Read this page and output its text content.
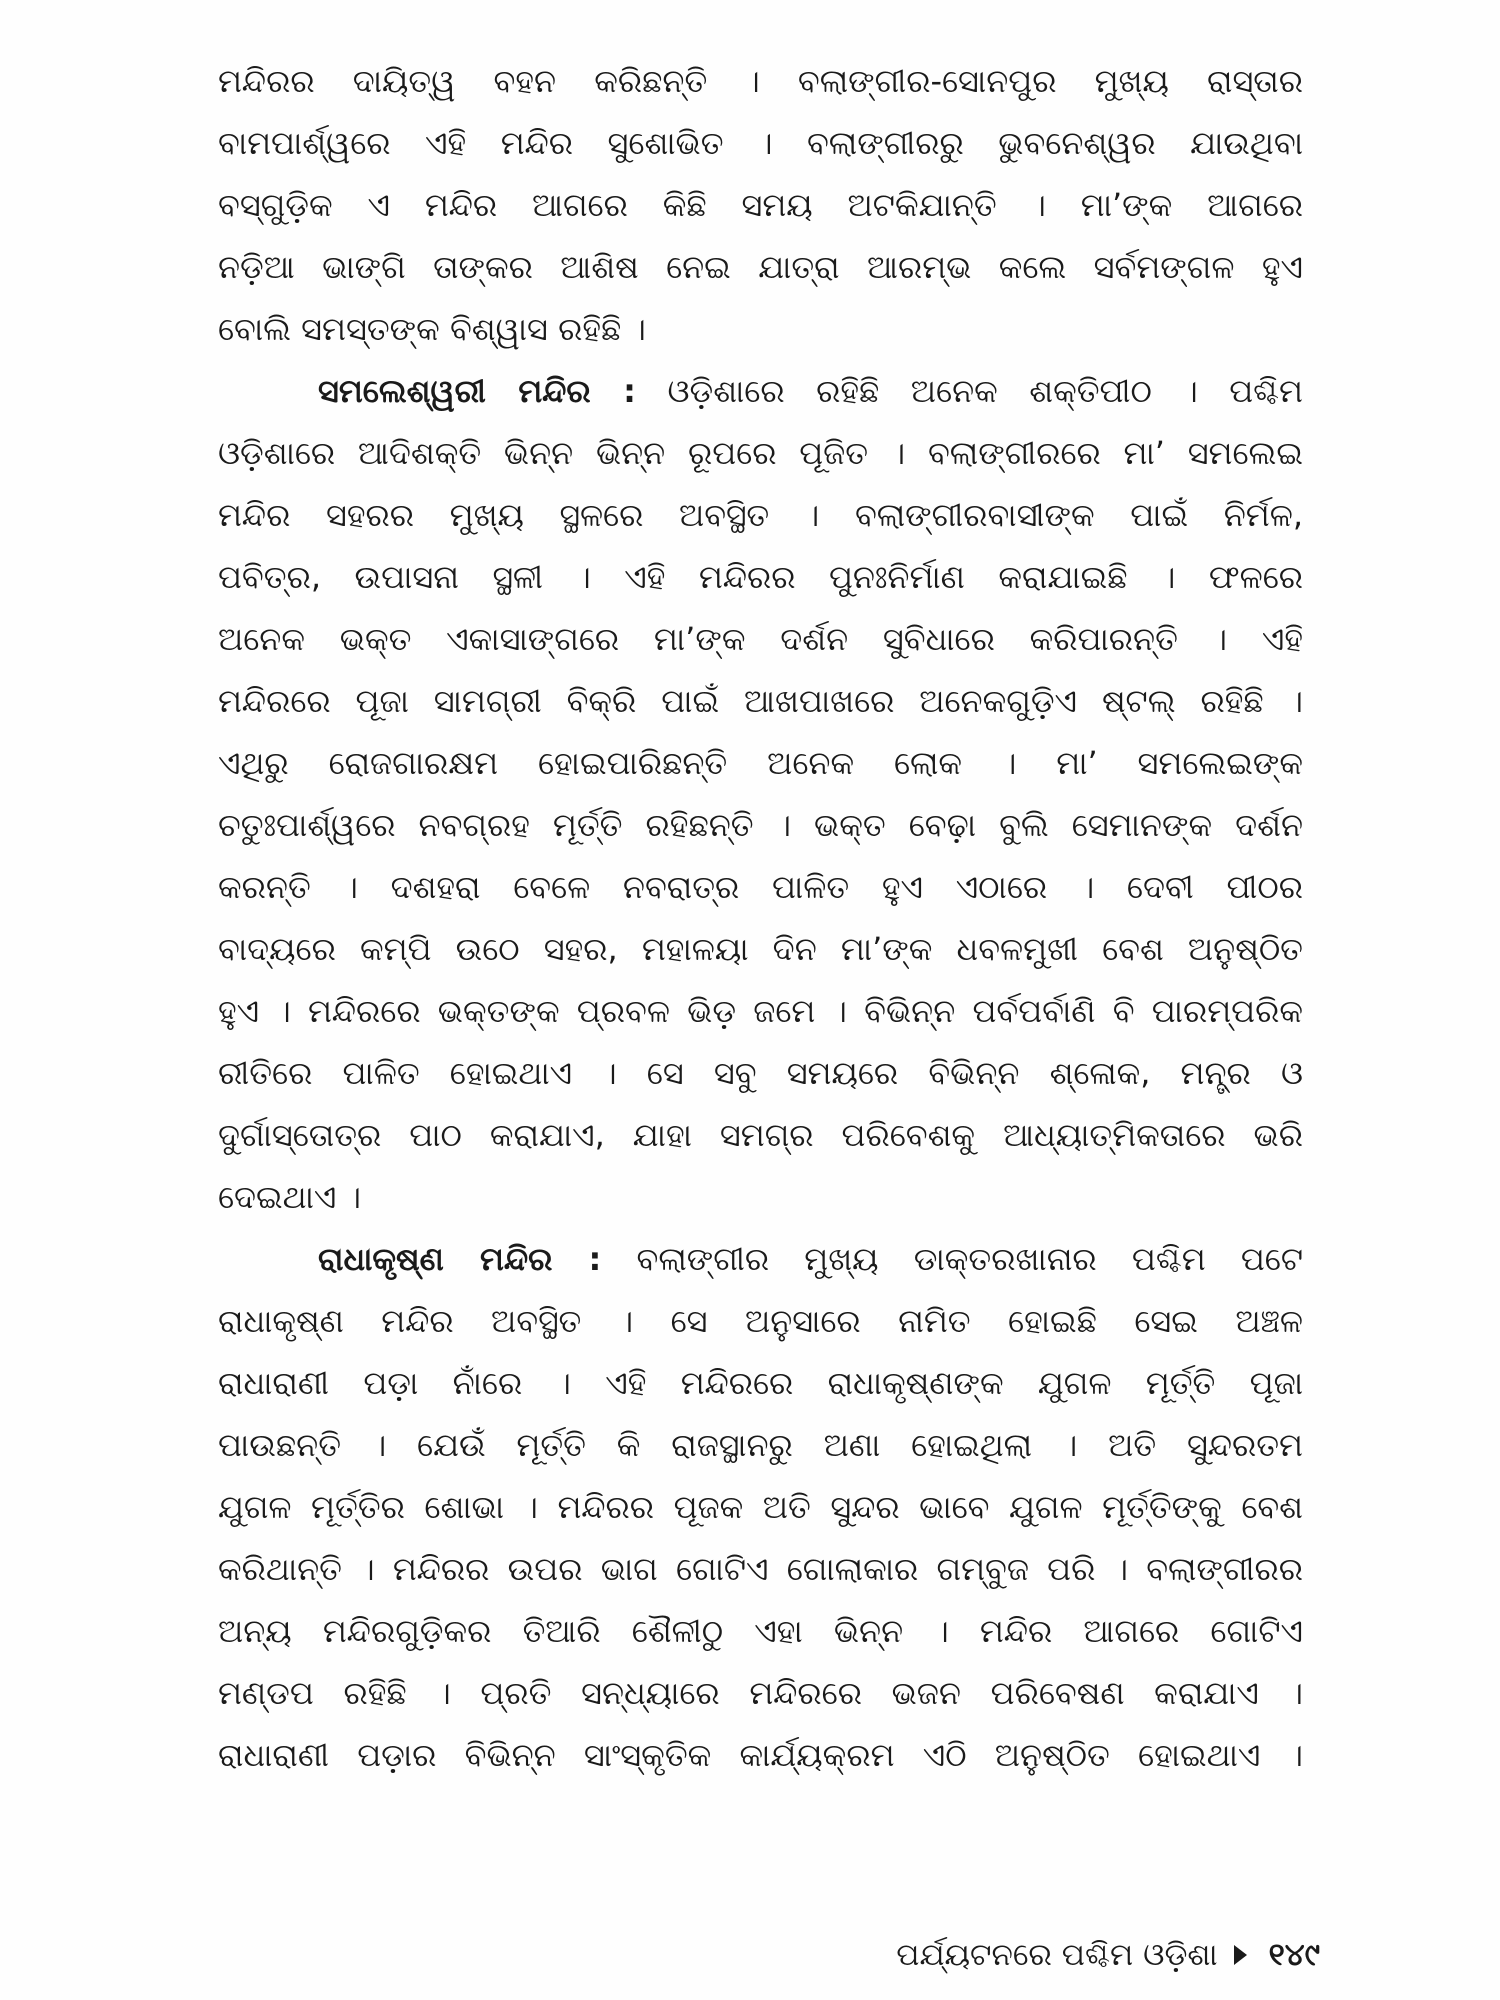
ମନ୍ଦିରର ଦାୟିତ୍ୱ ବହନ କରିଛନ୍ତି । ବଲାଙ୍ଗୀର-ସୋନପୁର ମୁଖ୍ୟ ରାସ୍ତାର
ବାମପାର୍ଶ୍ୱରେ ଏହି ମନ୍ଦିର ସୁଶୋଭିତ । ବଲାଙ୍ଗୀରରୁ ଭୁବନେଶ୍ୱର ଯାଉଥିବା
ବସ୍‌ଗୁଡ଼ିକ ଏ ମନ୍ଦିର ଆଗରେ କିଛି ସମୟ ଅଟକିଯାନ୍ତି । ମା’ଙ୍କ ଆଗରେ
ନଡ଼ିଆ ଭାଙ୍ଗି ତାଙ୍କର ଆଶିଷ ନେଇ ଯାତ୍ରା ଆରମ୍ଭ କଲେ ସର୍ବମଙ୍ଗଳ ହୁଏ
ବୋଲି ସମସ୍ତଙ୍କ ବିଶ୍ୱାସ ରହିଛି ।
ସମଲେଶ୍ୱରୀ ମନ୍ଦିର : ଓଡ଼ିଶାରେ ରହିଛି ଅନେକ ଶକ୍ତିପୀଠ । ପଶ୍ଚିମ
ଓଡ଼ିଶାରେ ଆଦିଶକ୍ତି ଭିନ୍ନ ଭିନ୍ନ ରୂପରେ ପୂଜିତ । ବଲାଙ୍ଗୀରରେ ମା’ ସମଲେଇ
ମନ୍ଦିର ସହରର ମୁଖ୍ୟ ସ୍ଥଳରେ ଅବସ୍ଥିତ । ବଲାଙ୍ଗୀରବାସୀଙ୍କ ପାଇଁ ନିର୍ମଳ,
ପବିତ୍ର, ଉପାସନା ସ୍ଥଳୀ । ଏହି ମନ୍ଦିରର ପୁନଃନିର୍ମାଣ କରାଯାଇଛି । ଫଳରେ
ଅନେକ ଭକ୍ତ ଏକାସାଙ୍ଗରେ ମା’ଙ୍କ ଦର୍ଶନ ସୁବିଧାରେ କରିପାରନ୍ତି । ଏହି
ମନ୍ଦିରରେ ପୂଜା ସାମଗ୍ରୀ ବିକ୍ରି ପାଇଁ ଆଖପାଖରେ ଅନେକଗୁଡ଼ିଏ ଷ୍ଟଲ୍ ରହିଛି ।
ଏଥିରୁ ରୋଜଗାରକ୍ଷମ ହୋଇପାରିଛନ୍ତି ଅନେକ ଲୋକ । ମା’ ସମଲେଇଙ୍କ
ଚତୁଃପାର୍ଶ୍ୱରେ ନବଗ୍ରହ ମୂର୍ତ୍ତି ରହିଛନ୍ତି । ଭକ୍ତ ବେଢ଼ା ବୁଲି ସେମାନଙ୍କ ଦର୍ଶନ
କରନ୍ତି । ଦଶହରା ବେଳେ ନବରାତ୍ର ପାଳିତ ହୁଏ ଏଠାରେ । ଦେବୀ ପୀଠର
ବାଦ୍ୟରେ କମ୍ପି ଉଠେ ସହର, ମହାଳୟା ଦିନ ମା’ଙ୍କ ଧବଳମୁଖୀ ବେଶ ଅନୁଷ୍ଠିତ
ହୁଏ । ମନ୍ଦିରରେ ଭକ୍ତଙ୍କ ପ୍ରବଳ ଭିଡ଼ ଜମେ । ବିଭିନ୍ନ ପର୍ବପର୍ବାଣି ବି ପାରମ୍ପରିକ
ରୀତିରେ ପାଳିତ ହୋଇଥାଏ । ସେ ସବୁ ସମୟରେ ବିଭିନ୍ନ ଶ୍ଳୋକ, ମନ୍ତ୍ର ଓ
ଦୁର୍ଗାସ୍ତୋତ୍ର ପାଠ କରାଯାଏ, ଯାହା ସମଗ୍ର ପରିବେଶକୁ ଆଧ୍ୟାତ୍ମିକତାରେ ଭରି
ଦେଇଥାଏ ।
ରାଧାକୃଷ୍ଣ ମନ୍ଦିର : ବଲାଙ୍ଗୀର ମୁଖ୍ୟ ଡାକ୍ତରଖାନାର ପଶ୍ଚିମ ପଟେ
ରାଧାକୃଷ୍ଣ ମନ୍ଦିର ଅବସ୍ଥିତ । ସେ ଅନୁସାରେ ନାମିତ ହୋଇଛି ସେଇ ଅଞ୍ଚଳ
ରାଧାରାଣୀ ପଡ଼ା ନାଁରେ । ଏହି ମନ୍ଦିରରେ ରାଧାକୃଷ୍ଣଙ୍କ ଯୁଗଳ ମୂର୍ତ୍ତି ପୂଜା
ପାଉଛନ୍ତି । ଯେଉଁ ମୂର୍ତ୍ତି କି ରାଜସ୍ଥାନରୁ ଅଣା ହୋଇଥିଲା । ଅତି ସୁନ୍ଦରତମ
ଯୁଗଳ ମୂର୍ତ୍ତିର ଶୋଭା । ମନ୍ଦିରର ପୂଜକ ଅତି ସୁନ୍ଦର ଭାବେ ଯୁଗଳ ମୂର୍ତ୍ତିଙ୍କୁ ବେଶ
କରିଥାନ୍ତି । ମନ୍ଦିରର ଉପର ଭାଗ ଗୋଟିଏ ଗୋଲାକାର ଗମ୍ବୁଜ ପରି । ବଲାଙ୍ଗୀରର
ଅନ୍ୟ ମନ୍ଦିରଗୁଡ଼ିକର ତିଆରି ଶୈଳୀଠୁ ଏହା ଭିନ୍ନ । ମନ୍ଦିର ଆଗରେ ଗୋଟିଏ
ମଣ୍ଡପ ରହିଛି । ପ୍ରତି ସନ୍ଧ୍ୟାରେ ମନ୍ଦିରରେ ଭଜନ ପରିବେଷଣ କରାଯାଏ ।
ରାଧାରାଣୀ ପଡ଼ାର ବିଭିନ୍ନ ସାଂସ୍କୃତିକ କାର୍ଯ୍ୟକ୍ରମ ଏଠି ଅନୁଷ୍ଠିତ ହୋଇଥାଏ ।
ପର୍ଯ୍ୟଟନରେ ପଶ୍ଚିମ ଓଡ଼ିଶା ୧୪୯
